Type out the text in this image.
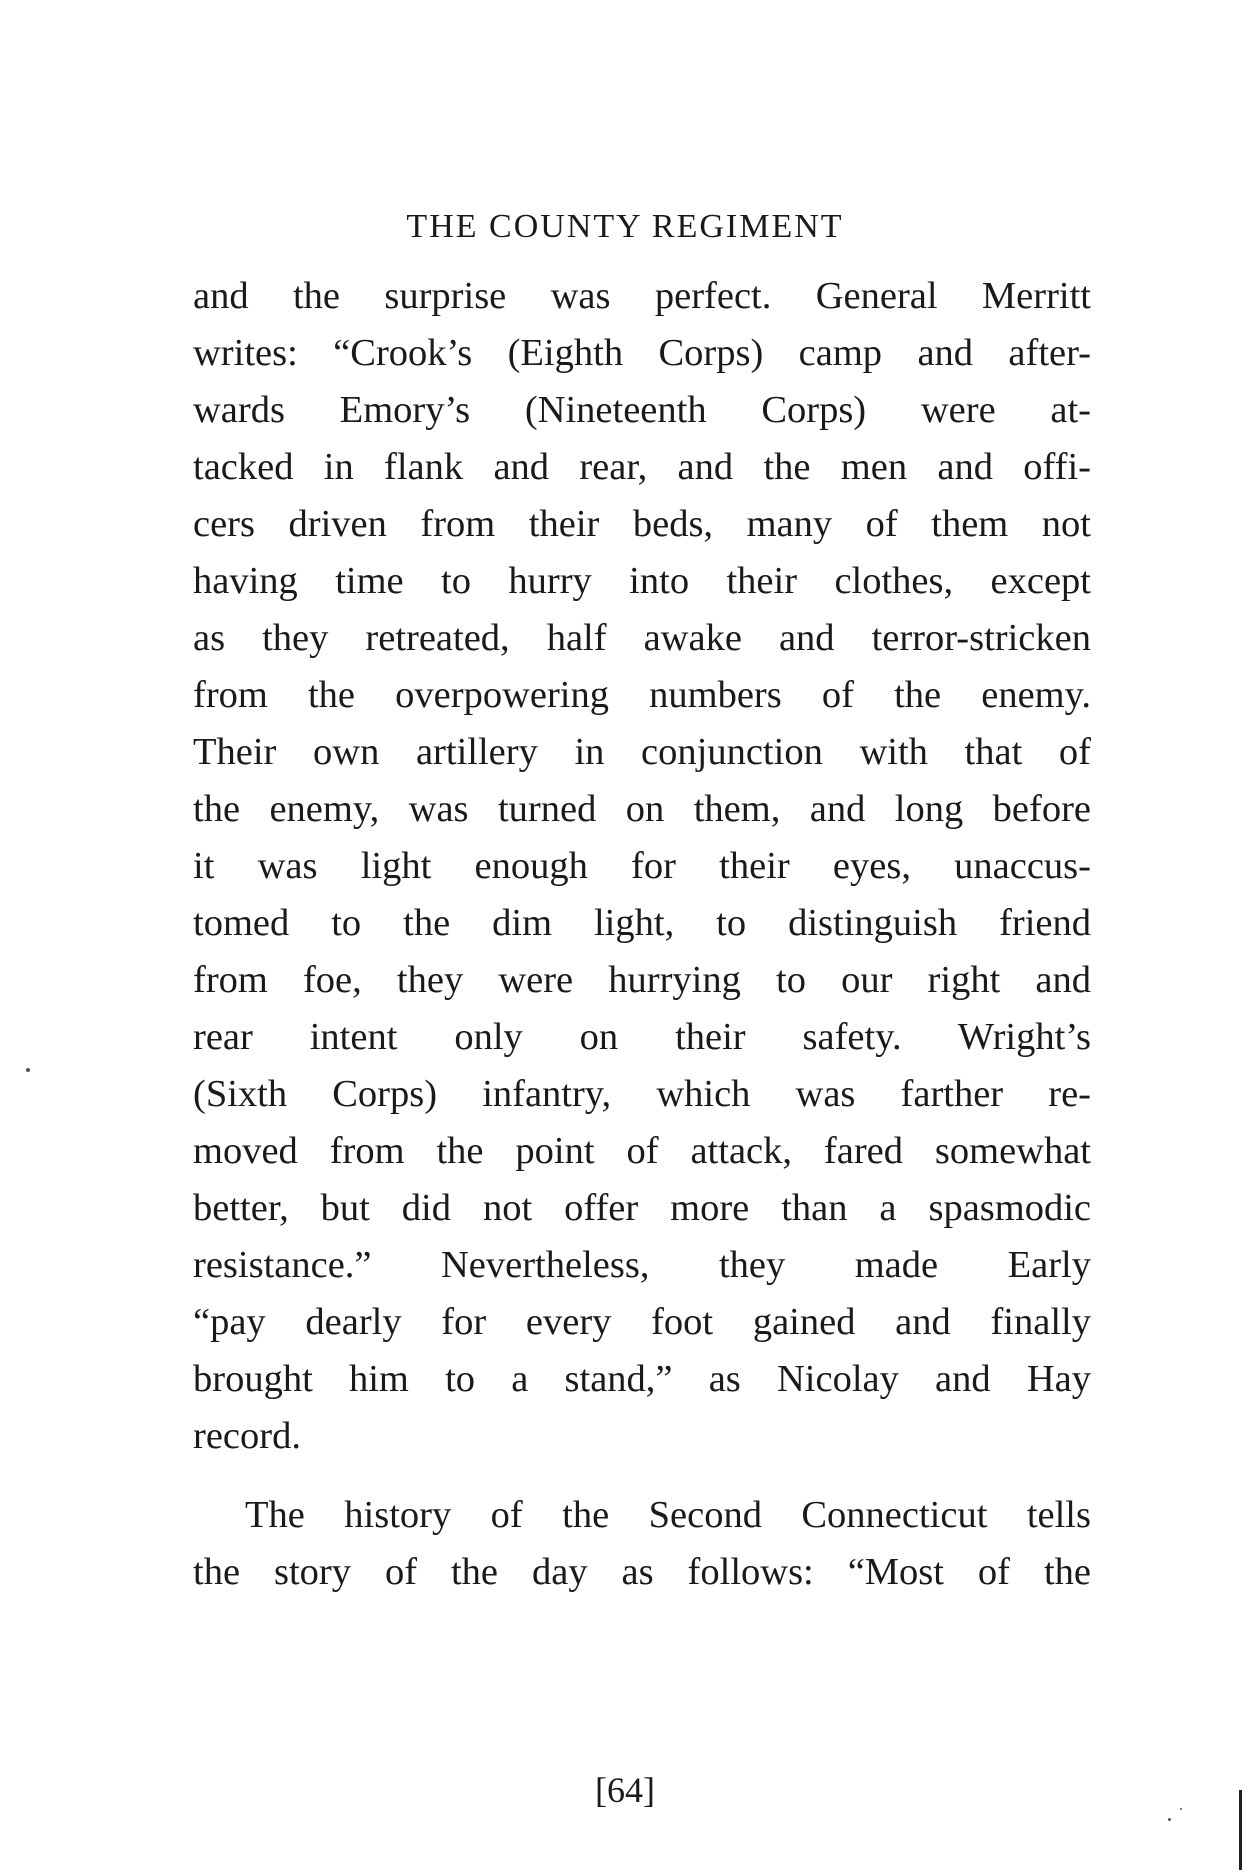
THE COUNTY REGIMENT
and the surprise was perfect. General Merritt
writes: “Crook’s (Eighth Corps) camp and after-
wards Emory’s (Nineteenth Corps) were at-
tacked in flank and rear, and the men and offi-
cers driven from their beds, many of them not
having time to hurry into their clothes, except
as they retreated, half awake and terror-stricken
from the overpowering numbers of the enemy.
Their own artillery in conjunction with that of
the enemy, was turned on them, and long before
it was light enough for their eyes, unaccus-
tomed to the dim light, to distinguish friend
from foe, they were hurrying to our right and
rear intent only on their safety. Wright’s
(Sixth Corps) infantry, which was farther re-
moved from the point of attack, fared somewhat
better, but did not offer more than a spasmodic
resistance.” Nevertheless, they made Early
“pay dearly for every foot gained and finally
brought him to a stand,” as Nicolay and Hay
record.
The history of the Second Connecticut tells
the story of the day as follows: “Most of the
[64]
